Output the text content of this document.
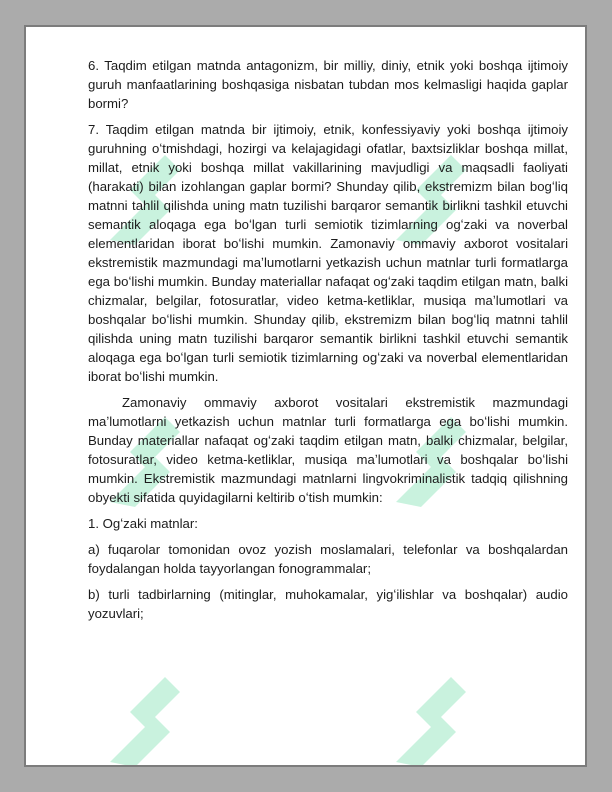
6. Taqdim etilgan matnda antagonizm, bir milliy, diniy, etnik yoki boshqa ijtimoiy guruh manfaatlarining boshqasiga nisbatan tubdan mos kelmasligi haqida gaplar bormi?

7. Taqdim etilgan matnda bir ijtimoiy, etnik, konfessiyaviy yoki boshqa ijtimoiy guruhning oʻtmishdagi, hozirgi va kelajagidagi ofatlar, baxtsizliklar boshqa millat, millat, etnik yoki boshqa millat vakillarining mavjudligi va maqsadli faoliyati (harakati) bilan izohlangan gaplar bormi? Shunday qilib, ekstremizm bilan bogʻliq matnni tahlil qilishda uning matn tuzilishi barqaror semantik birlikni tashkil etuvchi semantik aloqaga ega boʻlgan turli semiotik tizimlarning ogʻzaki va noverbal elementlaridan iborat boʻlishi mumkin. Zamonaviy ommaviy axborot vositalari ekstremistik mazmundagi maʼlumotlarni yetkazish uchun matnlar turli formatlarga ega boʻlishi mumkin. Bunday materiallar nafaqat ogʻzaki taqdim etilgan matn, balki chizmalar, belgilar, fotosuratlar, video ketma-ketliklar, musiqa maʼlumotlari va boshqalar boʻlishi mumkin. Shunday qilib, ekstremizm bilan bogʻliq matnni tahlil qilishda uning matn tuzilishi barqaror semantik birlikni tashkil etuvchi semantik aloqaga ega boʻlgan turli semiotik tizimlarning ogʻzaki va noverbal elementlaridan iborat boʻlishi mumkin.

Zamonaviy ommaviy axborot vositalari ekstremistik mazmundagi maʼlumotlarni yetkazish uchun matnlar turli formatlarga ega boʻlishi mumkin. Bunday materiallar nafaqat ogʻzaki taqdim etilgan matn, balki chizmalar, belgilar, fotosuratlar, video ketma-ketliklar, musiqa maʼlumotlari va boshqalar boʻlishi mumkin. Ekstremistik mazmundagi matnlarni lingvokriminalistik tadqiq qilishning obyekti sifatida quyidagilarni keltirib oʻtish mumkin:

1. Ogʻzaki matnlar:

a) fuqarolar tomonidan ovoz yozish moslamalari, telefonlar va boshqalardan foydalangan holda tayyorlangan fonogrammalar;

b) turli tadbirlarning (mitinglar, muhokamalar, yigʻilishlar va boshqalar) audio yozuvlari;
